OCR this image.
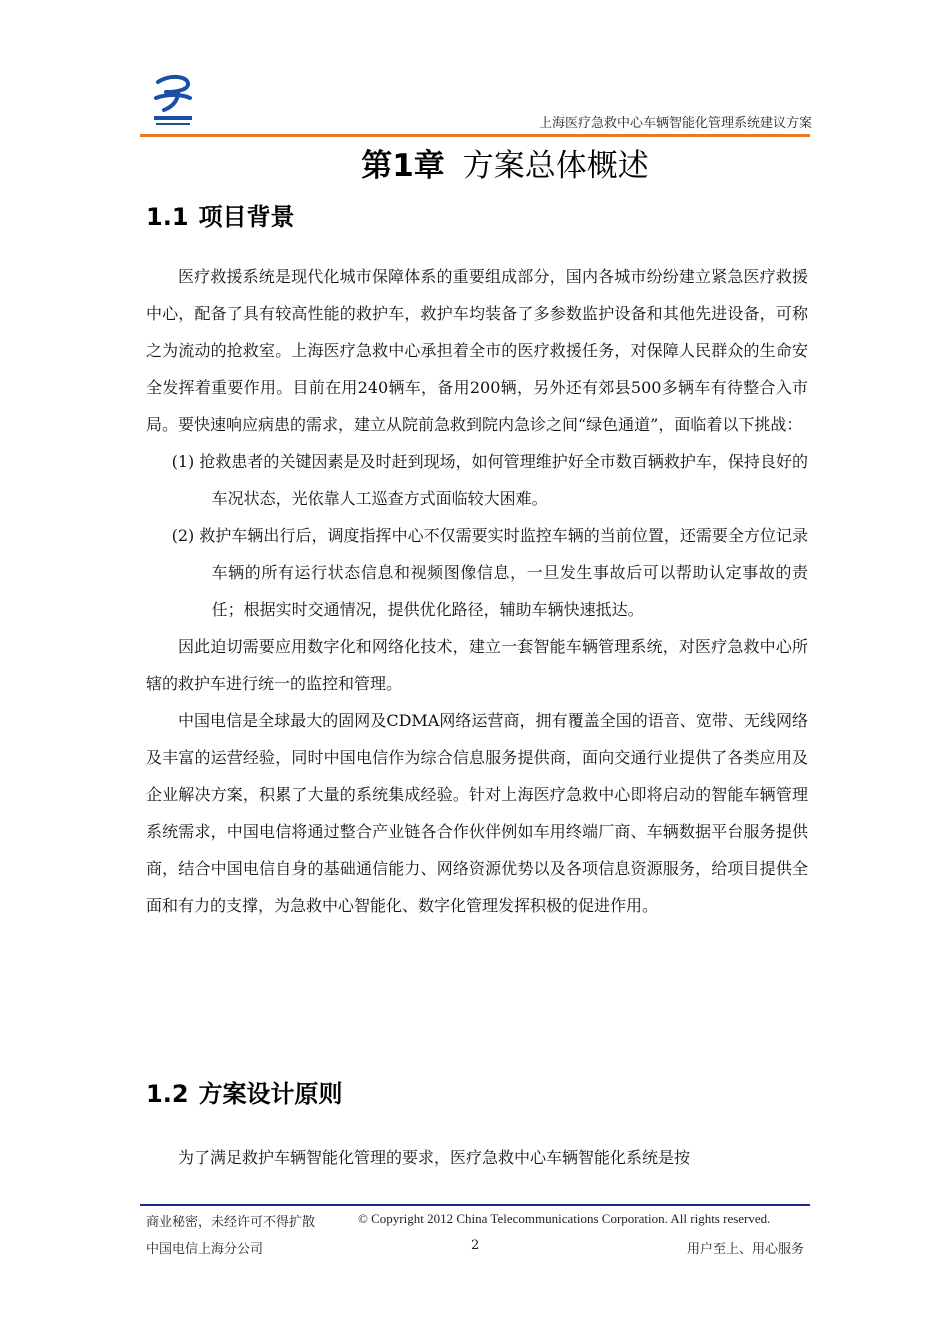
上海医疗急救中心车辆智能化管理系统建议方案
第1章 方案总体概述
1.1 项目背景

医疗救援系统是现代化城市保障体系的重要组成部分，国内各城市纷纷建立紧急医疗救援中心，配备了具有较高性能的救护车，救护车均装备了多参数监护设备和其他先进设备，可称之为流动的抢救室。上海医疗急救中心承担着全市的医疗救援任务，对保障人民群众的生命安全发挥着重要作用。目前在用240辆车，备用200辆，另外还有郊县500多辆车有待整合入市局。要快速响应病患的需求，建立从院前急救到院内急诊之间“绿色通道”，面临着以下挑战：

(1) 抢救患者的关键因素是及时赶到现场，如何管理维护好全市数百辆救护车，保持良好的车况状态，光依靠人工巡查方式面临较大困难。

(2) 救护车辆出行后，调度指挥中心不仅需要实时监控车辆的当前位置，还需要全方位记录车辆的所有运行状态信息和视频图像信息，一旦发生事故后可以帮助认定事故的责任；根据实时交通情况，提供优化路径，辅助车辆快速抵达。

因此迫切需要应用数字化和网络化技术，建立一套智能车辆管理系统，对医疗急救中心所辖的救护车进行统一的监控和管理。

中国电信是全球最大的固网及CDMA网络运营商，拥有覆盖全国的语音、宽带、无线网络及丰富的运营经验，同时中国电信作为综合信息服务提供商，面向交通行业提供了各类应用及企业解决方案，积累了大量的系统集成经验。针对上海医疗急救中心即将启动的智能车辆管理系统需求，中国电信将通过整合产业链各合作伙伴例如车用终端厂商、车辆数据平台服务提供商，结合中国电信自身的基础通信能力、网络资源优势以及各项信息资源服务，给项目提供全面和有力的支撑，为急救中心智能化、数字化管理发挥积极的促进作用。

1.2 方案设计原则

为了满足救护车辆智能化管理的要求，医疗急救中心车辆智能化系统是按

商业秘密，未经许可不得扩散	© Copyright 2012 China Telecommunications Corporation. All rights reserved.
中国电信上海分公司	2	用户至上、用心服务
